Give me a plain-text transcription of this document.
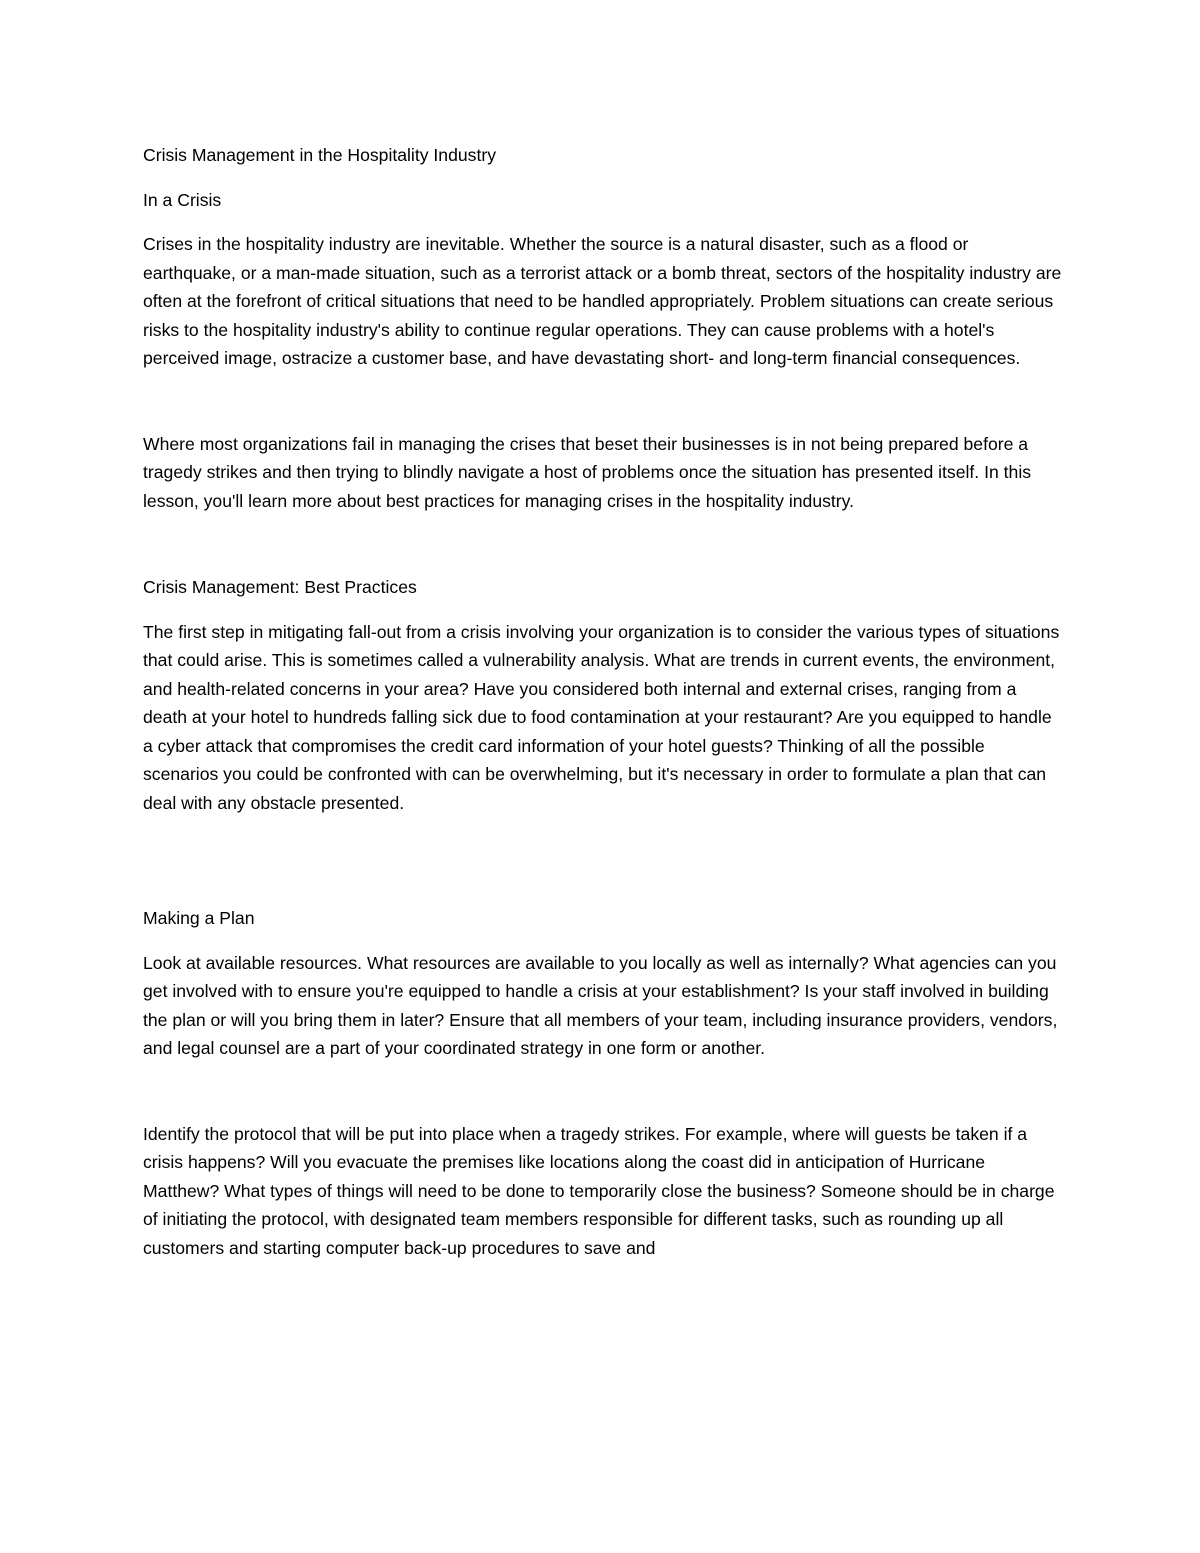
Crisis Management in the Hospitality Industry

In a Crisis

Crises in the hospitality industry are inevitable. Whether the source is a natural disaster, such as a flood or earthquake, or a man-made situation, such as a terrorist attack or a bomb threat, sectors of the hospitality industry are often at the forefront of critical situations that need to be handled appropriately. Problem situations can create serious risks to the hospitality industry's ability to continue regular operations. They can cause problems with a hotel's perceived image, ostracize a customer base, and have devastating short- and long-term financial consequences.

Where most organizations fail in managing the crises that beset their businesses is in not being prepared before a tragedy strikes and then trying to blindly navigate a host of problems once the situation has presented itself. In this lesson, you'll learn more about best practices for managing crises in the hospitality industry.

Crisis Management: Best Practices

The first step in mitigating fall-out from a crisis involving your organization is to consider the various types of situations that could arise. This is sometimes called a vulnerability analysis. What are trends in current events, the environment, and health-related concerns in your area? Have you considered both internal and external crises, ranging from a death at your hotel to hundreds falling sick due to food contamination at your restaurant? Are you equipped to handle a cyber attack that compromises the credit card information of your hotel guests? Thinking of all the possible scenarios you could be confronted with can be overwhelming, but it's necessary in order to formulate a plan that can deal with any obstacle presented.

Making a Plan

Look at available resources. What resources are available to you locally as well as internally? What agencies can you get involved with to ensure you're equipped to handle a crisis at your establishment? Is your staff involved in building the plan or will you bring them in later? Ensure that all members of your team, including insurance providers, vendors, and legal counsel are a part of your coordinated strategy in one form or another.

Identify the protocol that will be put into place when a tragedy strikes. For example, where will guests be taken if a crisis happens? Will you evacuate the premises like locations along the coast did in anticipation of Hurricane Matthew? What types of things will need to be done to temporarily close the business? Someone should be in charge of initiating the protocol, with designated team members responsible for different tasks, such as rounding up all customers and starting computer back-up procedures to save and
